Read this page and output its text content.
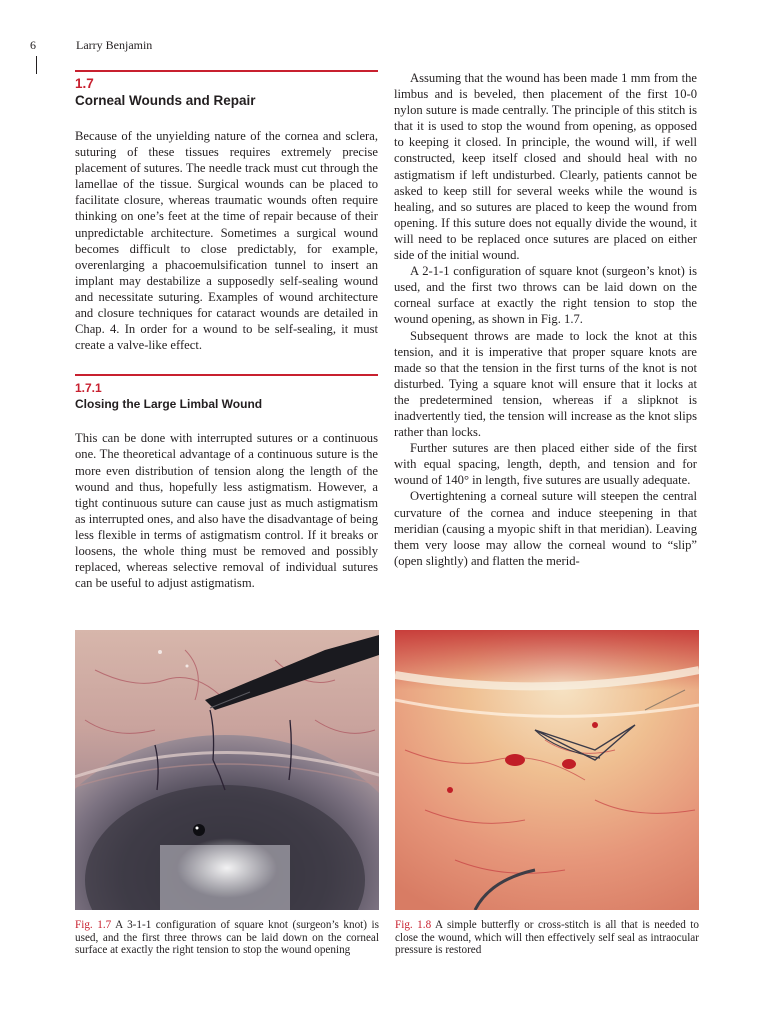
6	Larry Benjamin
1.7
Corneal Wounds and Repair

Because of the unyielding nature of the cornea and sclera, suturing of these tissues requires extremely precise placement of sutures. The needle track must cut through the lamellae of the tissue. Surgical wounds can be placed to facilitate closure, whereas traumatic wounds often require thinking on one’s feet at the time of repair because of their unpredictable architecture. Sometimes a surgical wound becomes difficult to close predictably, for example, overenlarging a phacoemulsification tunnel to insert an implant may destabilize a supposedly self-sealing wound and necessitate suturing. Examples of wound architecture and closure techniques for cataract wounds are detailed in Chap. 4. In order for a wound to be self-sealing, it must create a valve-like effect.

1.7.1
Closing the Large Limbal Wound

This can be done with interrupted sutures or a continuous one. The theoretical advantage of a continuous suture is the more even distribution of tension along the length of the wound and thus, hopefully less astigmatism. However, a tight continuous suture can cause just as much astigmatism as interrupted ones, and also have the disadvantage of being less flexible in terms of astigmatism control. If it breaks or loosens, the whole thing must be removed and possibly replaced, whereas selective removal of individual sutures can be useful to adjust astigmatism.

Assuming that the wound has been made 1 mm from the limbus and is beveled, then placement of the first 10-0 nylon suture is made centrally. The principle of this stitch is that it is used to stop the wound from opening, as opposed to keeping it closed. In principle, the wound will, if well constructed, keep itself closed and should heal with no astigmatism if left undisturbed. Clearly, patients cannot be asked to keep still for several weeks while the wound is healing, and so sutures are placed to keep the wound from opening. If this suture does not equally divide the wound, it will need to be replaced once sutures are placed on either side of the initial wound.

A 2-1-1 configuration of square knot (surgeon’s knot) is used, and the first two throws can be laid down on the corneal surface at exactly the right tension to stop the wound opening, as shown in Fig. 1.7.

Subsequent throws are made to lock the knot at this tension, and it is imperative that proper square knots are made so that the tension in the first turns of the knot is not disturbed. Tying a square knot will ensure that it locks at the predetermined tension, whereas if a slipknot is inadvertently tied, the tension will increase as the knot slips rather than locks.

Further sutures are then placed either side of the first with equal spacing, length, depth, and tension and for wound of 140° in length, five sutures are usually adequate.

Overtightening a corneal suture will steepen the central curvature of the cornea and induce steepening in that meridian (causing a myopic shift in that meridian). Leaving them very loose may allow the corneal wound to “slip” (open slightly) and flatten the merid-

Fig. 1.7 A 3-1-1 configuration of square knot (surgeon’s knot) is used, and the first three throws can be laid down on the corneal surface at exactly the right tension to stop the wound opening
Fig. 1.8 A simple butterfly or cross-stitch is all that is needed to close the wound, which will then effectively self seal as intraocular pressure is restored
